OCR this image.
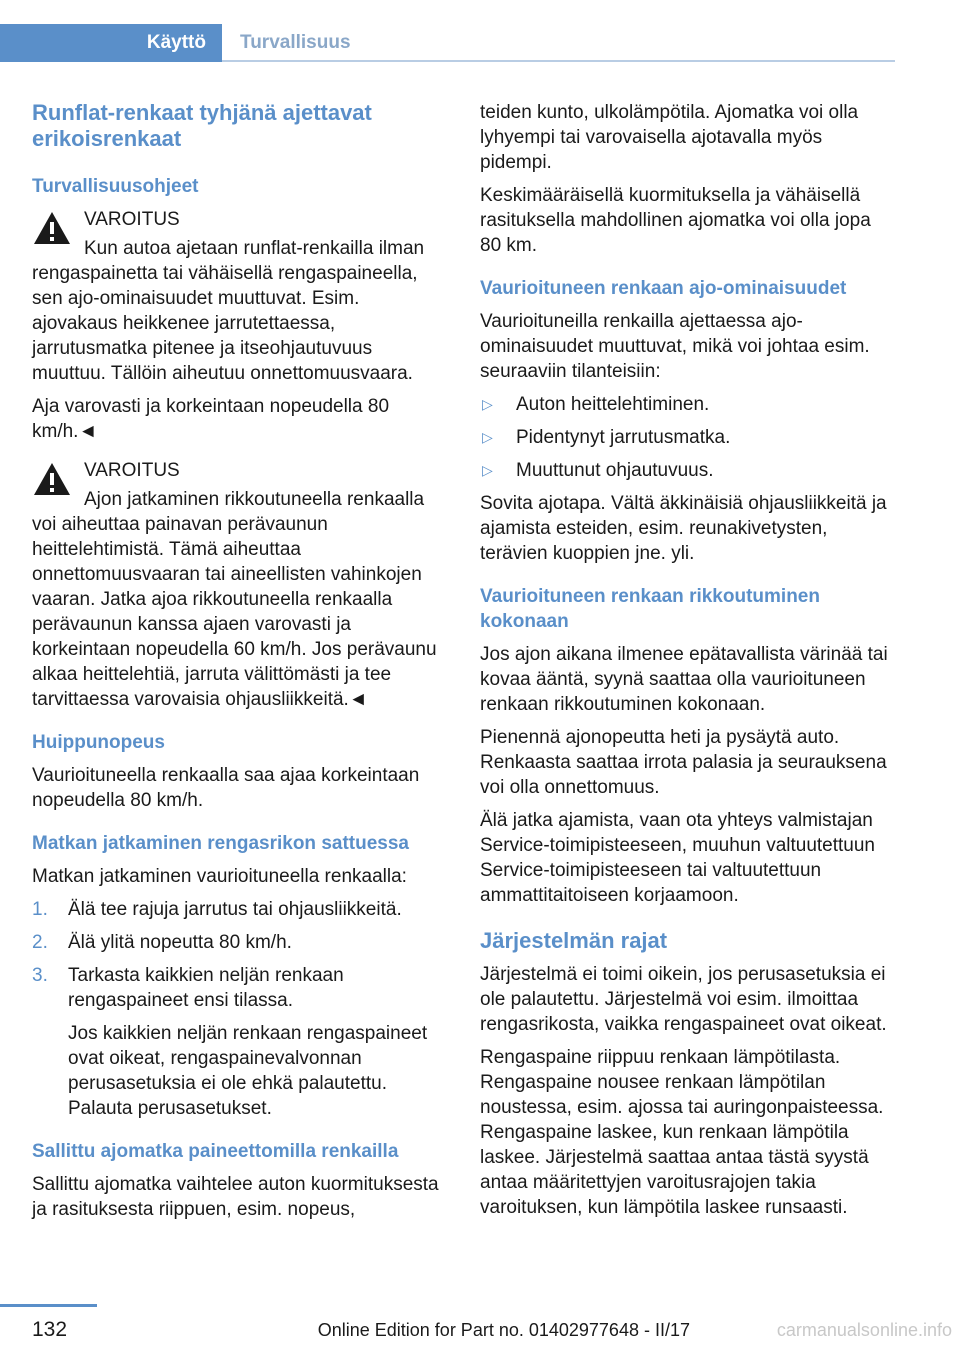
Käyttö Turvallisuus
Runflat-renkaat tyhjänä ajettavat erikoisrenkaat
Turvallisuusohjeet

VAROITUS

Kun autoa ajetaan runflat-renkailla ilman rengaspainetta tai vähäisellä rengaspaineella, sen ajo-ominaisuudet muuttuvat. Esim. ajovakaus heikkenee jarrutettaessa, jarrutusmatka pitenee ja itseohjautuvuus muuttuu. Tällöin aiheutuu onnettomuusvaara.

Aja varovasti ja korkeintaan nopeudella 80 km/h.◄

VAROITUS

Ajon jatkaminen rikkoutuneella renkaalla voi aiheuttaa painavan perävaunun heittelehtimistä. Tämä aiheuttaa onnettomuusvaaran tai aineellisten vahinkojen vaaran. Jatka ajoa rikkoutuneella renkaalla perävaunun kanssa ajaen varovasti ja korkeintaan nopeudella 60 km/h. Jos perävaunu alkaa heittelehtiä, jarruta välittömästi ja tee tarvittaessa varovaisia ohjausliikkeitä.◄

Huippunopeus

Vaurioituneella renkaalla saa ajaa korkeintaan nopeudella 80 km/h.

Matkan jatkaminen rengasrikon sattuessa

Matkan jatkaminen vaurioituneella renkaalla:

1. Älä tee rajuja jarrutus tai ohjausliikkeitä.
2. Älä ylitä nopeutta 80 km/h.
3. Tarkasta kaikkien neljän renkaan rengaspaineet ensi tilassa.

Jos kaikkien neljän renkaan rengaspaineet ovat oikeat, rengaspainevalvonnan perusasetuksia ei ole ehkä palautettu. Palauta perusasetukset.

Sallittu ajomatka paineettomilla renkailla

Sallittu ajomatka vaihtelee auton kuormituksesta ja rasituksesta riippuen, esim. nopeus,

teiden kunto, ulkolämpötila. Ajomatka voi olla lyhyempi tai varovaisella ajotavalla myös pidempi.

Keskimääräisellä kuormituksella ja vähäisellä rasituksella mahdollinen ajomatka voi olla jopa 80 km.

Vaurioituneen renkaan ajo-ominaisuudet

Vaurioituneilla renkailla ajettaessa ajo-ominaisuudet muuttuvat, mikä voi johtaa esim. seuraaviin tilanteisiin:

▷ Auton heittelehtiminen.
▷ Pidentynyt jarrutusmatka.
▷ Muuttunut ohjautuvuus.

Sovita ajotapa. Vältä äkkinäisiä ohjausliikkeitä ja ajamista esteiden, esim. reunakivetysten, terävien kuoppien jne. yli.

Vaurioituneen renkaan rikkoutuminen kokonaan

Jos ajon aikana ilmenee epätavallista värinää tai kovaa ääntä, syynä saattaa olla vaurioituneen renkaan rikkoutuminen kokonaan.

Pienennä ajonopeutta heti ja pysäytä auto. Renkaasta saattaa irrota palasia ja seurauksena voi olla onnettomuus.

Älä jatka ajamista, vaan ota yhteys valmistajan Service-toimipisteeseen, muuhun valtuutettuun Service-toimipisteeseen tai valtuutettuun ammattitaitoiseen korjaamoon.

Järjestelmän rajat

Järjestelmä ei toimi oikein, jos perusasetuksia ei ole palautettu. Järjestelmä voi esim. ilmoittaa rengasrikosta, vaikka rengaspaineet ovat oikeat.

Rengaspaine riippuu renkaan lämpötilasta. Rengaspaine nousee renkaan lämpötilan noustessa, esim. ajossa tai auringonpaisteessa. Rengaspaine laskee, kun renkaan lämpötila laskee. Järjestelmä saattaa antaa tästä syystä antaa määritettyjen varoitusrajojen takia varoituksen, kun lämpötila laskee runsaasti.

132	Online Edition for Part no. 01402977648 - II/17	carmanualsonline.info
